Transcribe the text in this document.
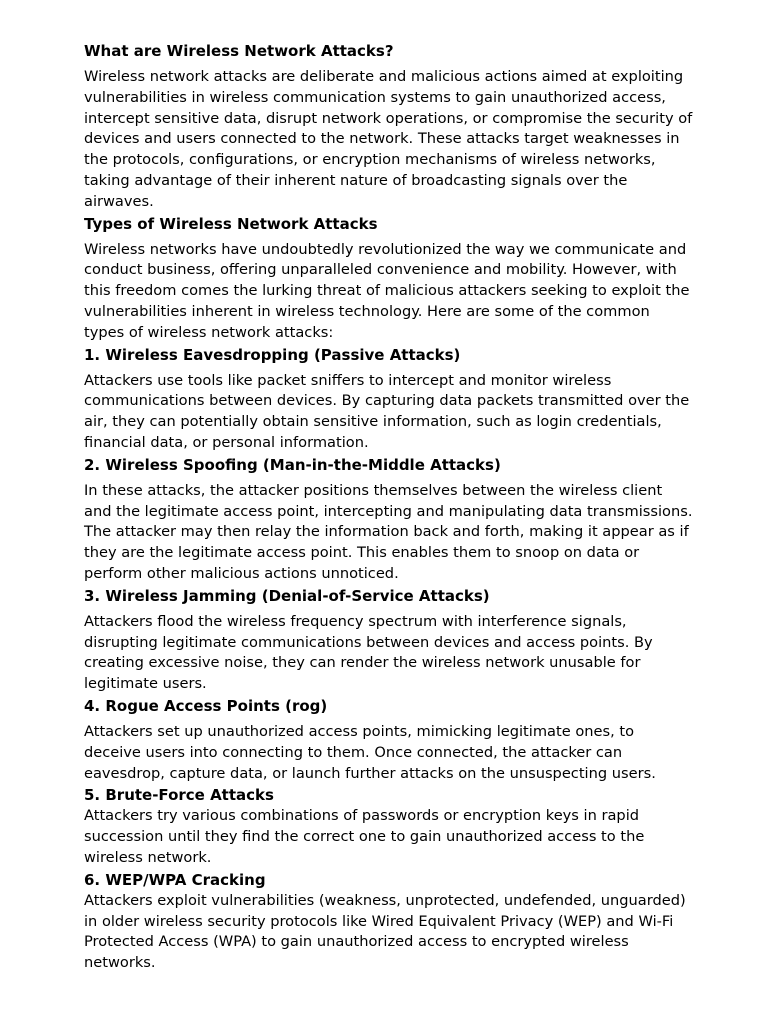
What are Wireless Network Attacks?

Wireless network attacks are deliberate and malicious actions aimed at exploiting vulnerabilities in wireless communication systems to gain unauthorized access, intercept sensitive data, disrupt network operations, or compromise the security of devices and users connected to the network. These attacks target weaknesses in the protocols, configurations, or encryption mechanisms of wireless networks, taking advantage of their inherent nature of broadcasting signals over the airwaves.

Types of Wireless Network Attacks

Wireless networks have undoubtedly revolutionized the way we communicate and conduct business, offering unparalleled convenience and mobility. However, with this freedom comes the lurking threat of malicious attackers seeking to exploit the vulnerabilities inherent in wireless technology. Here are some of the common types of wireless network attacks:

1. Wireless Eavesdropping (Passive Attacks)

Attackers use tools like packet sniffers to intercept and monitor wireless communications between devices. By capturing data packets transmitted over the air, they can potentially obtain sensitive information, such as login credentials, financial data, or personal information.

2. Wireless Spoofing (Man-in-the-Middle Attacks)

In these attacks, the attacker positions themselves between the wireless client and the legitimate access point, intercepting and manipulating data transmissions. The attacker may then relay the information back and forth, making it appear as if they are the legitimate access point. This enables them to snoop on data or perform other malicious actions unnoticed.

3. Wireless Jamming (Denial-of-Service Attacks)

Attackers flood the wireless frequency spectrum with interference signals, disrupting legitimate communications between devices and access points. By creating excessive noise, they can render the wireless network unusable for legitimate users.

4. Rogue Access Points (rog)

Attackers set up unauthorized access points, mimicking legitimate ones, to deceive users into connecting to them. Once connected, the attacker can eavesdrop, capture data, or launch further attacks on the unsuspecting users.

5. Brute-Force Attacks

Attackers try various combinations of passwords or encryption keys in rapid succession until they find the correct one to gain unauthorized access to the wireless network.

6. WEP/WPA Cracking

Attackers exploit vulnerabilities (weakness, unprotected, undefended, unguarded) in older wireless security protocols like Wired Equivalent Privacy (WEP) and Wi-Fi Protected Access (WPA) to gain unauthorized access to encrypted wireless networks.
